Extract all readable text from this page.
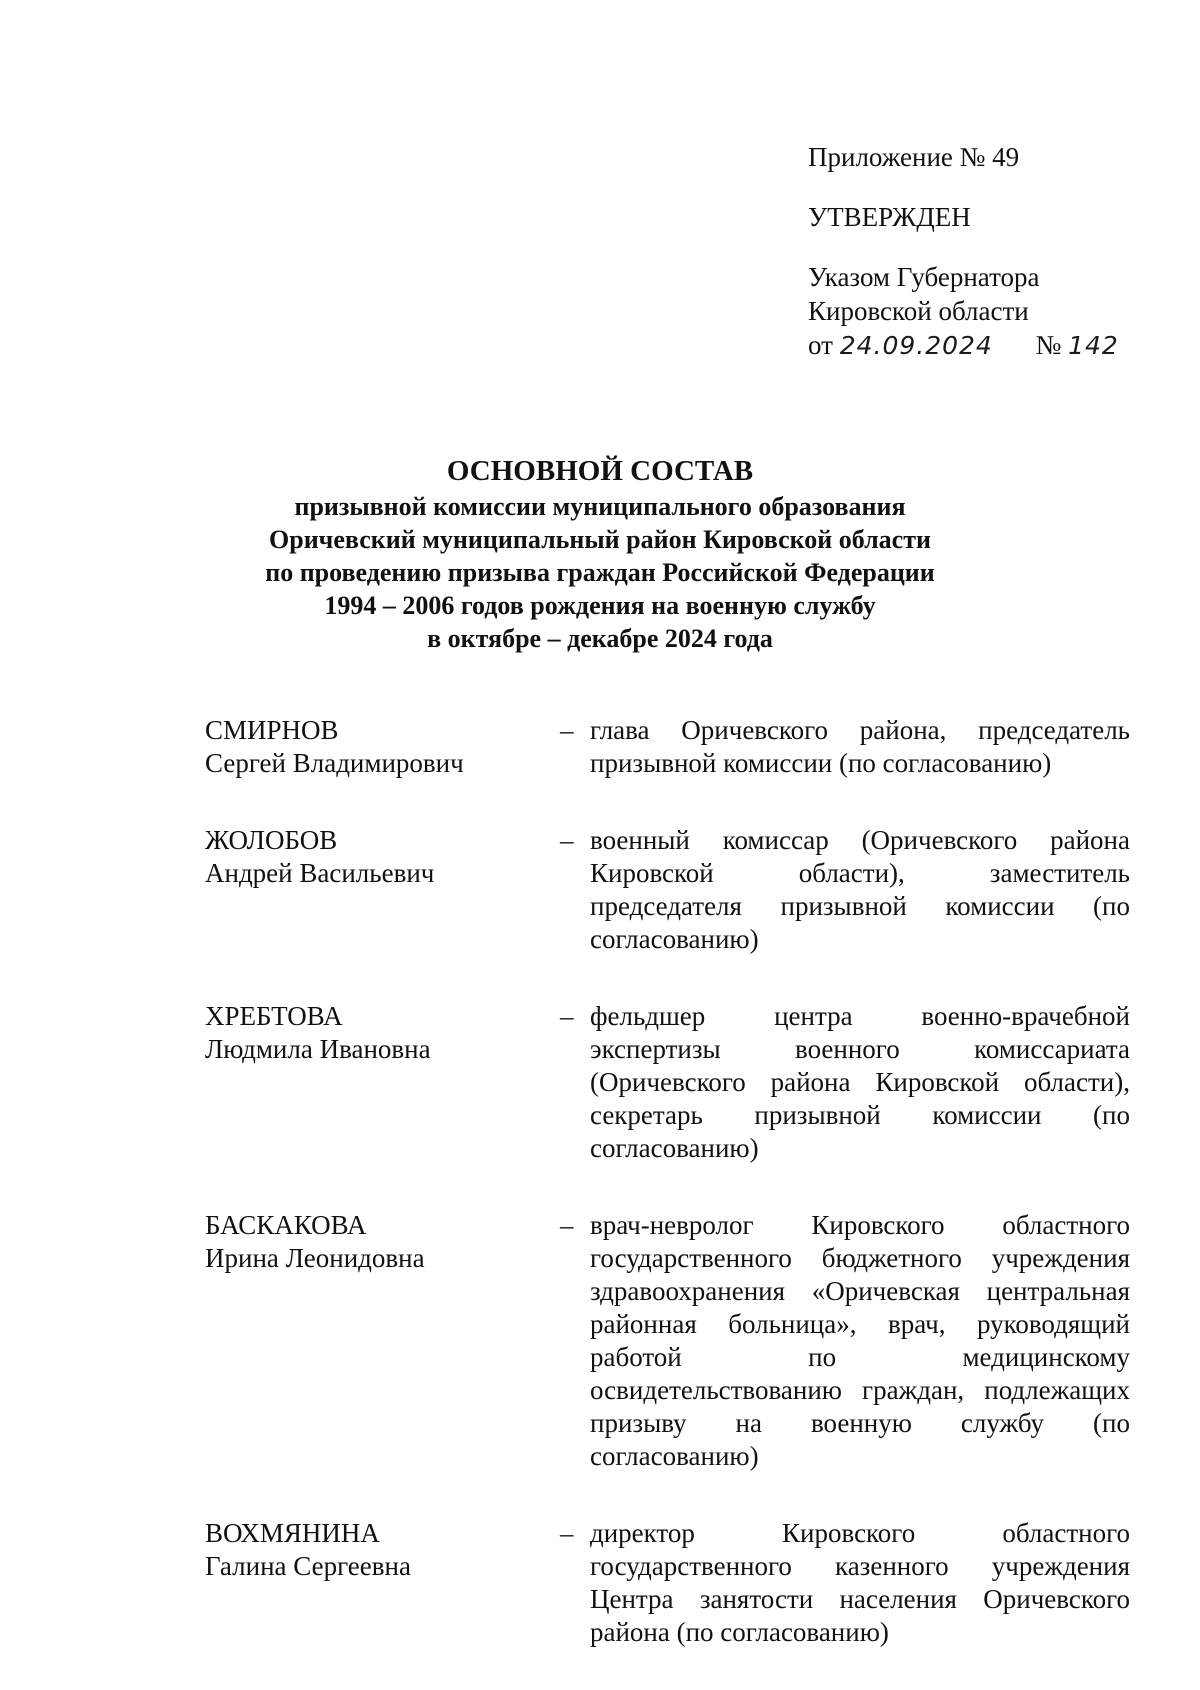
Приложение № 49
УТВЕРЖДЕН
Указом Губернатора
Кировской области
от 24.09.2024 № 142
ОСНОВНОЙ СОСТАВ
призывной комиссии муниципального образования
Оричевский муниципальный район Кировской области
по проведению призыва граждан Российской Федерации
1994 – 2006 годов рождения на военную службу
в октябре – декабре 2024 года
СМИРНОВ
Сергей Владимирович
– глава Оричевского района, председатель призывной комиссии (по согласованию)
ЖОЛОБОВ
Андрей Васильевич
– военный комиссар (Оричевского района Кировской области), заместитель председателя призывной комиссии (по согласованию)
ХРЕБТОВА
Людмила Ивановна
– фельдшер центра военно-врачебной экспертизы военного комиссариата (Оричевского района Кировской области), секретарь призывной комиссии (по согласованию)
БАСКАКОВА
Ирина Леонидовна
– врач-невролог Кировского областного государственного бюджетного учреждения здравоохранения «Оричевская центральная районная больница», врач, руководящий работой по медицинскому освидетельствованию граждан, подлежащих призыву на военную службу (по согласованию)
ВОХМЯНИНА
Галина Сергеевна
– директор Кировского областного государственного казенного учреждения Центра занятости населения Оричевского района (по согласованию)
